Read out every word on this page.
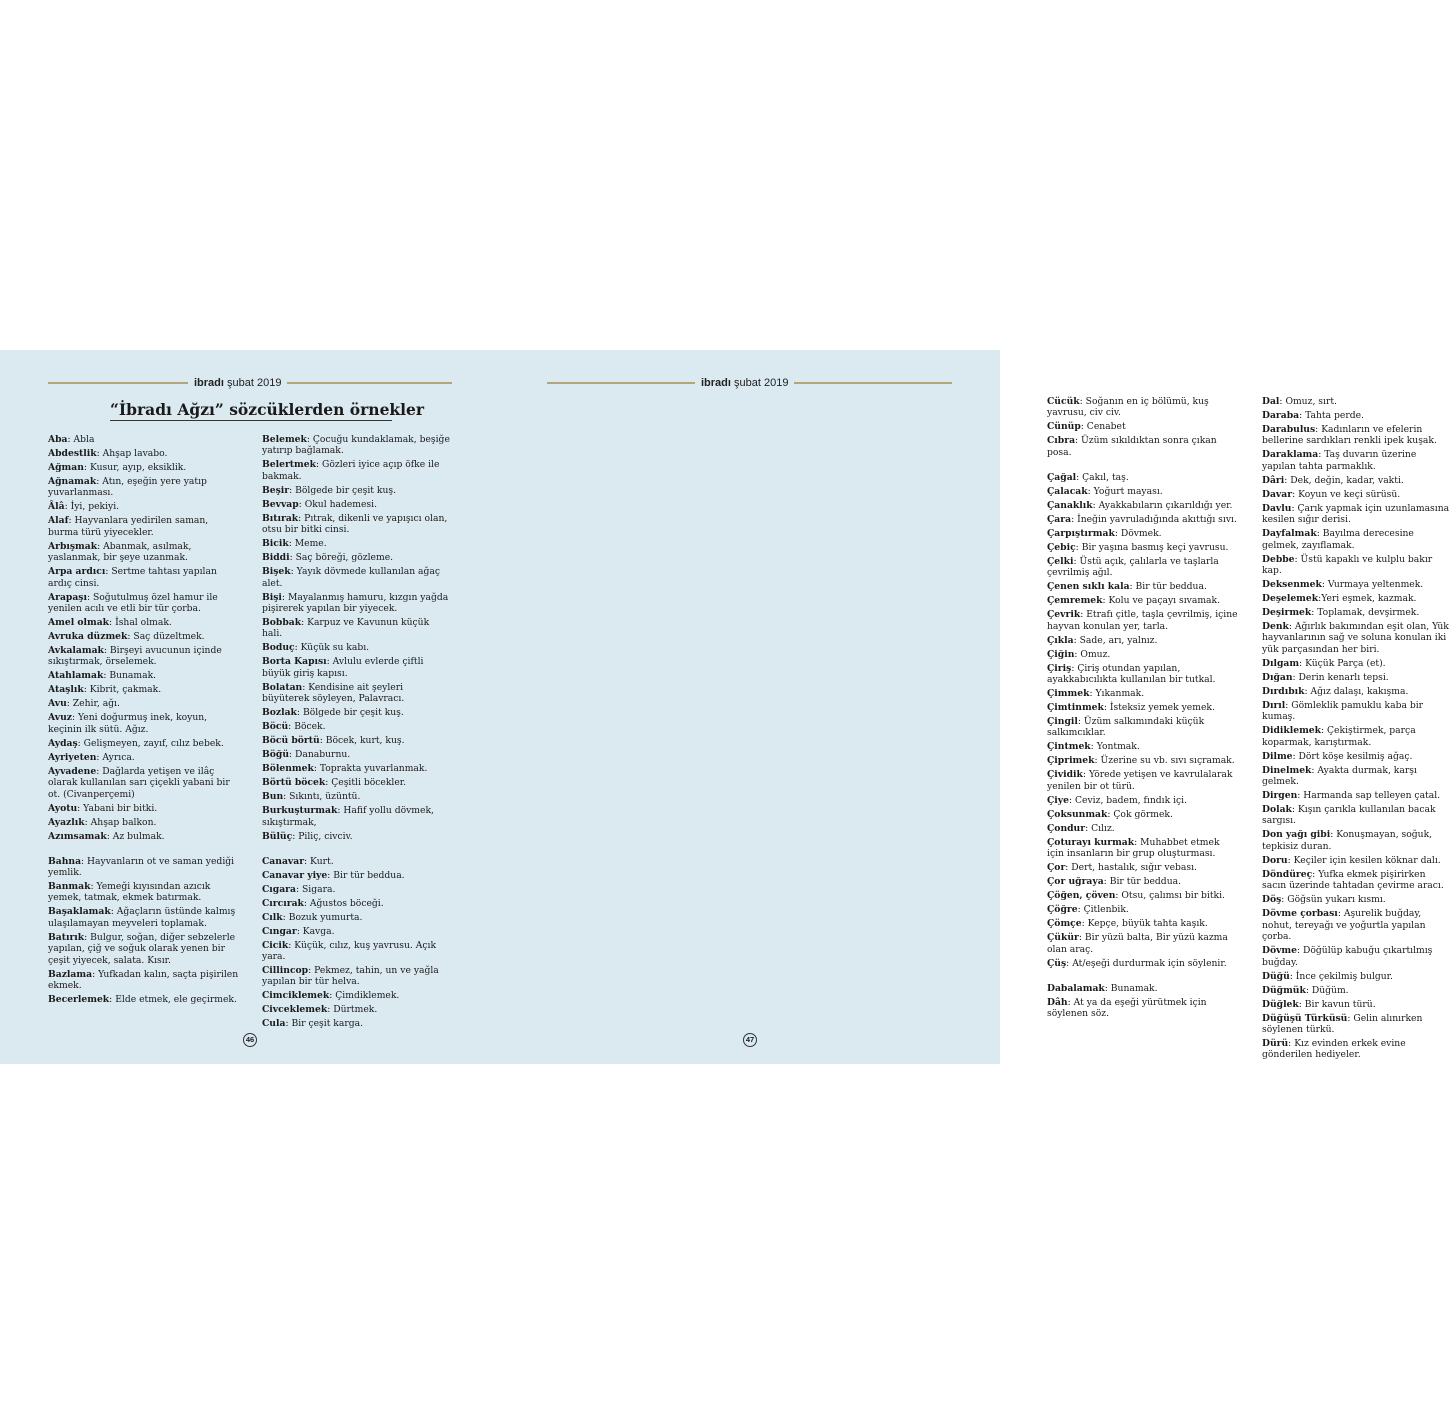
ibradı şubat 2019
“İbradı Ağzı” sözcüklerden örnekler
Aba: Abla
Abdestlik: Ahşap lavabo.
Ağman: Kusur, ayıp, eksiklik.
Ağnamak: Atın, eşeğin yere yatıp yuvarlanması.
Âlâ: İyi, pekiyi.
Alaf: Hayvanlara yedirilen saman, burma türü yiyecekler.
Arbışmak: Abanmak, asılmak, yaslanmak, bir şeye uzanmak.
Arpa ardıcı: Sertme tahtası yapılan ardıç cinsi.
Arapaşı: Soğutulmuş özel hamur ile yenilen acılı ve etli bir tür çorba.
Amel olmak: İshal olmak.
Avruka düzmek: Saç düzeltmek.
Avkalamak: Birşeyi avucunun içinde sıkıştırmak, örselemek.
Atahlamak: Bunamak.
Ataşlık: Kibrit, çakmak.
Avu: Zehir, ağı.
Avuz: Yeni doğurmuş inek, koyun, keçinin ilk sütü. Ağız.
Aydaş: Gelişmeyen, zayıf, cılız bebek.
Ayriyeten: Ayrıca.
Ayvadene: Dağlarda yetişen ve ilâç olarak kullanılan sarı çiçekli yabani bir ot. (Civanperçemi)
Ayotu: Yabani bir bitki.
Ayazlık: Ahşap balkon.
Azımsamak: Az bulmak.
Bahna: Hayvanların ot ve saman yediği yemlik.
Banmak: Yemeği kıyısından azıcık yemek, tatmak, ekmek batırmak.
Başaklamak: Ağaçların üstünde kalmış ulaşılamayan meyveleri toplamak.
Batırık: Bulgur, soğan, diğer sebzelerle yapılan, çiğ ve soğuk olarak yenen bir çeşit yiyecek, salata. Kısır.
Bazlama: Yufkadan kalın, saçta pişirilen ekmek.
Becerlemek: Elde etmek, ele geçirmek.
Belemek: Çocuğu kundaklamak, beşiğe yatırıp bağlamak.
Belertmek: Gözleri iyice açıp öfke ile bakmak.
Beşir: Bölgede bir çeşit kuş.
Bevvap: Okul hademesi.
Bıtırak: Pıtrak, dikenli ve yapışıcı olan, otsu bir bitki cinsi.
Bicik: Meme.
Biddi: Saç böreği, gözleme.
Bişek: Yayık dövmede kullanılan ağaç alet.
Bişi: Mayalanmış hamuru, kızgın yağda pişirerek yapılan bir yiyecek.
Bobbak: Karpuz ve Kavunun küçük hali.
Boduç: Küçük su kabı.
Borta Kapısı: Avlulu evlerde çiftli büyük giriş kapısı.
Bolatan: Kendisine ait şeyleri büyüterek söyleyen, Palavracı.
Bozlak: Bölgede bir çeşit kuş.
Böcü: Böcek.
Böcü börtü: Böcek, kurt, kuş.
Böğü: Danaburnu.
Bölenmek: Toprakta yuvarlanmak.
Börtü böcek: Çeşitli böcekler.
Bun: Sıkıntı, üzüntü.
Burkuşturmak: Hafif yollu dövmek, sıkıştırmak,
Bülüç: Piliç, civciv.
Canavar: Kurt.
Canavar yiye: Bir tür beddua.
Cıgara: Sigara.
Cırcırak: Ağustos böceği.
Cılk: Bozuk yumurta.
Cıngar: Kavga.
Cicik: Küçük, cılız, kuş yavrusu. Açık yara.
Cillincop: Pekmez, tahin, un ve yağla yapılan bir tür helva.
Cimciklemek: Çimdiklemek.
Civceklemek: Dürtmek.
Cula: Bir çeşit karga.
46
ibradı şubat 2019
Cücük: Soğanın en iç bölümü, kuş yavrusu, civ civ.
Cünüp: Cenabet
Cıbra: Üzüm sıkıldıktan sonra çıkan posa.
Çağal: Çakıl, taş.
Çalacak: Yoğurt mayası.
Çanaklık: Ayakkabıların çıkarıldığı yer.
Çara: İneğin yavruladığında akıttığı sıvı.
Çarpıştırmak: Dövmek.
Çebiç: Bir yaşına basmış keçi yavrusu.
Çelki: Üstü açık, çalılarla ve taşlarla çevrilmiş ağıl.
Çenen sıklı kala: Bir tür beddua.
Çemremek: Kolu ve paçayı sıvamak.
Çevrik: Etrafı çitle, taşla çevrilmiş, içine hayvan konulan yer, tarla.
Çıkla: Sade, arı, yalnız.
Çiğin: Omuz.
Çiriş: Çiriş otundan yapılan, ayakkabıcılıkta kullanılan bir tutkal.
Çimmek: Yıkanmak.
Çimtinmek: İsteksiz yemek yemek.
Çingil: Üzüm salkımındaki küçük salkımcıklar.
Çintmek: Yontmak.
Çiprimek: Üzerine su vb. sıvı sıçramak.
Çividik: Yörede yetişen ve kavrulalarak yenilen bir ot türü.
Çiye: Ceviz, badem, fındık içi.
Çoksunmak: Çok görmek.
Çondur: Cılız.
Çoturayı kurmak: Muhabbet etmek için insanların bir grup oluşturması.
Çor: Dert, hastalık, sığır vebası.
Çor uğraya: Bir tür beddua.
Çöğen, çöven: Otsu, çalımsı bir bitki.
Çöğre: Çitlenbik.
Çömçe: Kepçe, büyük tahta kaşık.
Çükür: Bir yüzü balta, Bir yüzü kazma olan araç.
Çüş: At/eşeği durdurmak için söylenir.
Dabalamak: Bunamak.
Dâh: At ya da eşeği yürütmek için söylenen söz.
Dal: Omuz, sırt.
Daraba: Tahta perde.
Darabulus: Kadınların ve efelerin bellerine sardıkları renkli ipek kuşak.
Daraklama: Taş duvarın üzerine yapılan tahta parmaklık.
Dâri: Dek, değin, kadar, vakti.
Davar: Koyun ve keçi sürüsü.
Davlu: Çarık yapmak için uzunlamasına kesilen sığır derisi.
Dayfalmak: Bayılma derecesine gelmek, zayıflamak.
Debbe: Üstü kapaklı ve kulplu bakır kap.
Deksenmek: Vurmaya yeltenmek.
Deşelemek:Yeri eşmek, kazmak.
Deşirmek: Toplamak, devşirmek.
Denk: Ağırlık bakımından eşit olan, Yük hayvanlarının sağ ve soluna konulan iki yük parçasından her biri.
Dılgam: Küçük Parça (et).
Dığan: Derin kenarlı tepsi.
Dırdıbık: Ağız dalaşı, kakışma.
Dırıl: Gömleklik pamuklu kaba bir kumaş.
Didiklemek: Çekiştirmek, parça koparmak, karıştırmak.
Dilme: Dört köşe kesilmiş ağaç.
Dinelmek: Ayakta durmak, karşı gelmek.
Dirgen: Harmanda sap telleyen çatal.
Dolak: Kışın çarıkla kullanılan bacak sargısı.
Don yağı gibi: Konuşmayan, soğuk, tepkisiz duran.
Doru: Keçiler için kesilen köknar dalı.
Döndüreç: Yufka ekmek pişirirken sacın üzerinde tahtadan çevirme aracı.
Döş: Göğsün yukarı kısmı.
Dövme çorbası: Aşurelik buğday, nohut, tereyağı ve yoğurtla yapılan çorba.
Dövme: Döğülüp kabuğu çıkartılmış buğday.
Düğü: İnce çekilmiş bulgur.
Düğmük: Düğüm.
Düğlek: Bir kavun türü.
Düğüşü Türküsü: Gelin alınırken söylenen türkü.
Dürü: Kız evinden erkek evine gönderilen hediyeler.
47
